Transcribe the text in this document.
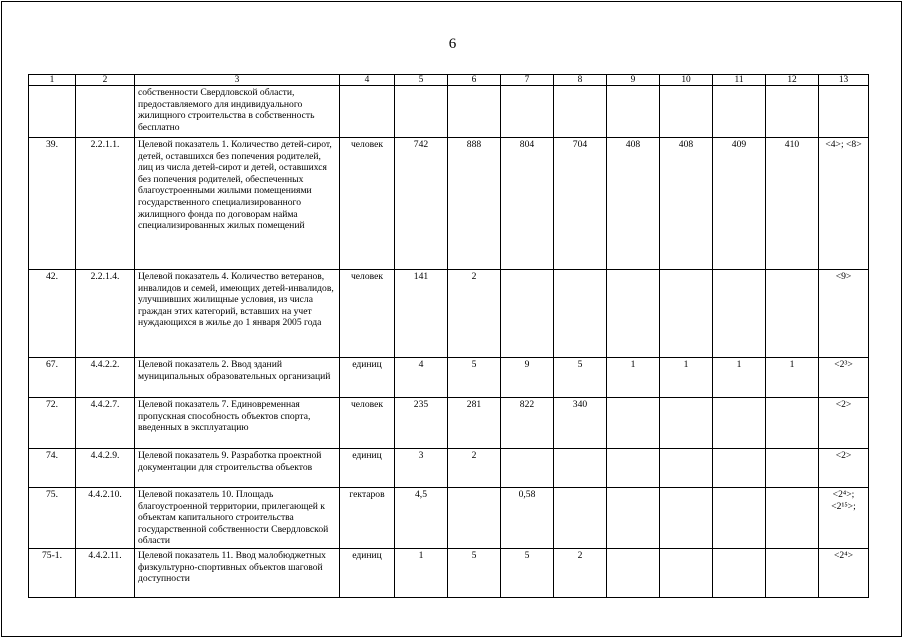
6
1	2	3	4	5	6	7	8	9	10	11	12	13
		собственности Свердловской области, предоставляемого для индивидуального жилищного строительства в собственность бесплатно										
39.	2.2.1.1.	Целевой показатель 1. Количество детей-сирот, детей, оставшихся без попечения родителей, лиц из числа детей-сирот и детей, оставшихся без попечения родителей, обеспеченных благоустроенными жилыми помещениями государственного специализированного жилищного фонда по договорам найма специализированных жилых помещений	человек	742	888	804	704	408	408	409	410	<4>; <8>
42.	2.2.1.4.	Целевой показатель 4. Количество ветеранов, инвалидов и семей, имеющих детей-инвалидов, улучшивших жилищные условия, из числа граждан этих категорий, вставших на учет нуждающихся в жилье до 1 января 2005 года	человек	141	2							<9>
67.	4.4.2.2.	Целевой показатель 2. Ввод зданий муниципальных образовательных организаций	единиц	4	5	9	5	1	1	1	1	<2³>
72.	4.4.2.7.	Целевой показатель 7. Единовременная пропускная способность объектов спорта, введенных в эксплуатацию	человек	235	281	822	340					<2>
74.	4.4.2.9.	Целевой показатель 9. Разработка проектной документации для строительства объектов	единиц	3	2							<2>
75.	4.4.2.10.	Целевой показатель 10. Площадь благоустроенной территории, прилегающей к объектам капитального строительства государственной собственности Свердловской области	гектаров	4,5		0,58						<2⁴>; <2¹⁵>;
75-1.	4.4.2.11.	Целевой показатель 11. Ввод малобюджетных физкультурно-спортивных объектов шаговой доступности	единиц	1	5	5	2					<2⁴>
